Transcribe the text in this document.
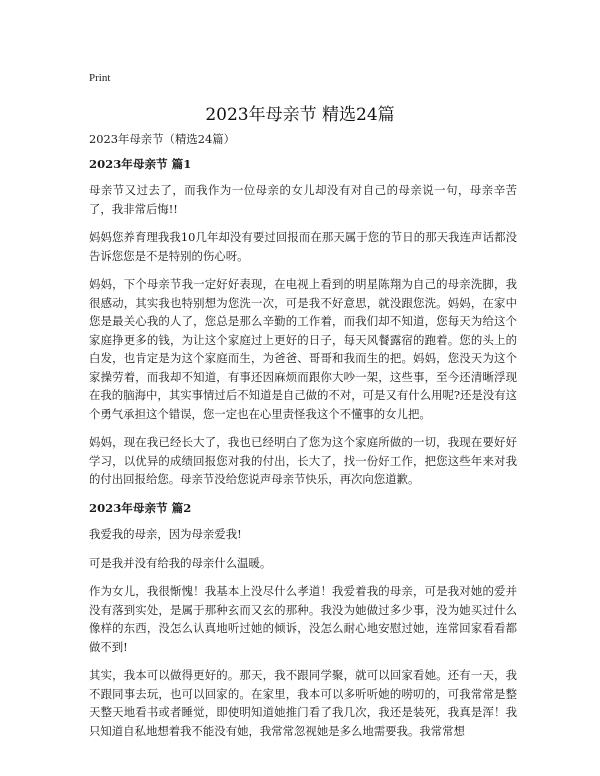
Print
2023年母亲节 精选24篇

2023年母亲节（精选24篇）

2023年母亲节 篇1

母亲节又过去了，而我作为一位母亲的女儿却没有对自己的母亲说一句，母亲辛苦了，我非常后悔!!

妈妈您养育理我我10几年却没有要过回报而在那天属于您的节日的那天我连声话都没告诉您您是不是特别的伤心呀。

妈妈，下个母亲节我一定好好表现，在电视上看到的明星陈翔为自己的母亲洗脚，我很感动，其实我也特别想为您洗一次，可是我不好意思，就没跟您洗。妈妈，在家中您是最关心我的人了，您总是那么辛勤的工作着，而我们却不知道，您每天为给这个家庭挣更多的钱，为让这个家庭过上更好的日子，每天风餐露宿的跑着。您的头上的白发，也肯定是为这个家庭而生，为爸爸、哥哥和我而生的把。妈妈，您没天为这个家操劳着，而我却不知道，有事还因麻烦而跟你大吵一架，这些事，至今还清晰浮现在我的脑海中，其实事情过后不知道是自己做的不对，可是又有什么用呢?还是没有这个勇气承担这个错误，您一定也在心里责怪我这个不懂事的女儿把。

妈妈，现在我已经长大了，我也已经明白了您为这个家庭所做的一切，我现在要好好学习，以优异的成绩回报您对我的付出，长大了，找一份好工作，把您这些年来对我的付出回报给您。母亲节没给您说声母亲节快乐，再次向您道歉。

2023年母亲节 篇2

我爱我的母亲，因为母亲爱我!

可是我并没有给我的母亲什么温暖。

作为女儿，我很惭愧！我基本上没尽什么孝道！我爱着我的母亲，可是我对她的爱并没有落到实处，是属于那种玄而又玄的那种。我没为她做过多少事，没为她买过什么像样的东西，没怎么认真地听过她的倾诉，没怎么耐心地安慰过她，连常回家看看都做不到!

其实，我本可以做得更好的。那天，我不跟同学聚，就可以回家看她。还有一天，我不跟同事去玩，也可以回家的。在家里，我本可以多听听她的唠叨的，可我常常是整天整天地看书或者睡觉，即使明知道她推门看了我几次，我还是装死，我真是浑！我只知道自私地想着我不能没有她，我常常忽视她是多么地需要我。我常常想
